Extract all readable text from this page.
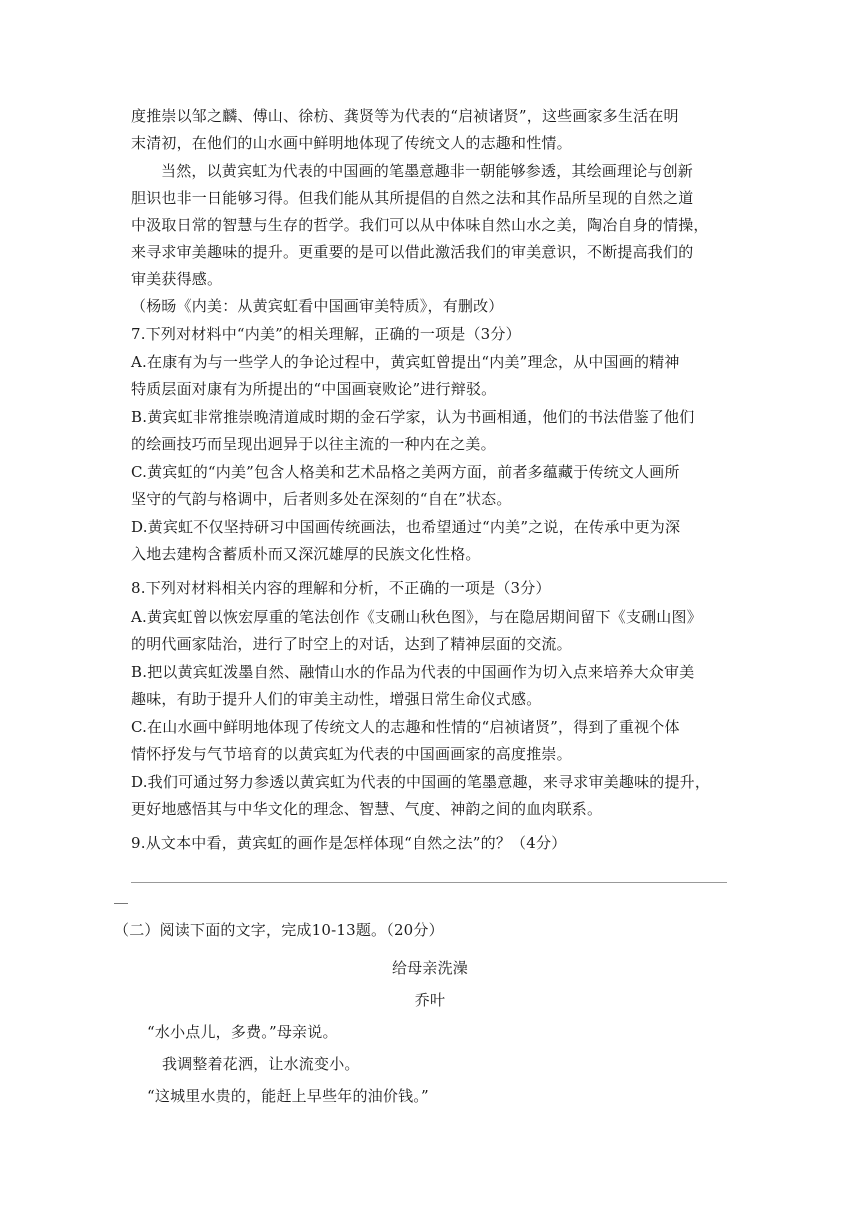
度推崇以邹之麟、傅山、徐枋、龚贤等为代表的“启祯诸贤”，这些画家多生活在明

末清初，在他们的山水画中鲜明地体现了传统文人的志趣和性情。

当然，以黄宾虹为代表的中国画的笔墨意趣非一朝能够参透，其绘画理论与创新

胆识也非一日能够习得。但我们能从其所提倡的自然之法和其作品所呈现的自然之道

中汲取日常的智慧与生存的哲学。我们可以从中体味自然山水之美，陶冶自身的情操，

来寻求审美趣味的提升。更重要的是可以借此激活我们的审美意识，不断提高我们的

审美获得感。

（杨旸《内美：从黄宾虹看中国画审美特质》，有删改）

7.下列对材料中“内美”的相关理解，正确的一项是（3分）

A.在康有为与一些学人的争论过程中，黄宾虹曾提出“内美”理念，从中国画的精神

特质层面对康有为所提出的“中国画衰败论”进行辩驳。

B.黄宾虹非常推崇晚清道咸时期的金石学家，认为书画相通，他们的书法借鉴了他们

的绘画技巧而呈现出迥异于以往主流的一种内在之美。

C.黄宾虹的“内美”包含人格美和艺术品格之美两方面，前者多蕴藏于传统文人画所

坚守的气韵与格调中，后者则多处在深刻的“自在”状态。

D.黄宾虹不仅坚持研习中国画传统画法，也希望通过“内美”之说，在传承中更为深

入地去建构含蓄质朴而又深沉雄厚的民族文化性格。

8.下列对材料相关内容的理解和分析，不正确的一项是（3分）

A.黄宾虹曾以恢宏厚重的笔法创作《支硎山秋色图》，与在隐居期间留下《支硎山图》

的明代画家陆治，进行了时空上的对话，达到了精神层面的交流。

B.把以黄宾虹泼墨自然、融情山水的作品为代表的中国画作为切入点来培养大众审美

趣味，有助于提升人们的审美主动性，增强日常生命仪式感。

C.在山水画中鲜明地体现了传统文人的志趣和性情的“启祯诸贤”，得到了重视个体

情怀抒发与气节培育的以黄宾虹为代表的中国画画家的高度推崇。

D.我们可通过努力参透以黄宾虹为代表的中国画的笔墨意趣，来寻求审美趣味的提升，

更好地感悟其与中华文化的理念、智慧、气度、神韵之间的血肉联系。

9.从文本中看，黄宾虹的画作是怎样体现“自然之法”的？（4分）

（二）阅读下面的文字，完成10-13题。（20分）

给母亲洗澡

乔叶

“水小点儿，多费。”母亲说。

我调整着花洒，让水流变小。

“这城里水贵的，能赶上早些年的油价钱。”
